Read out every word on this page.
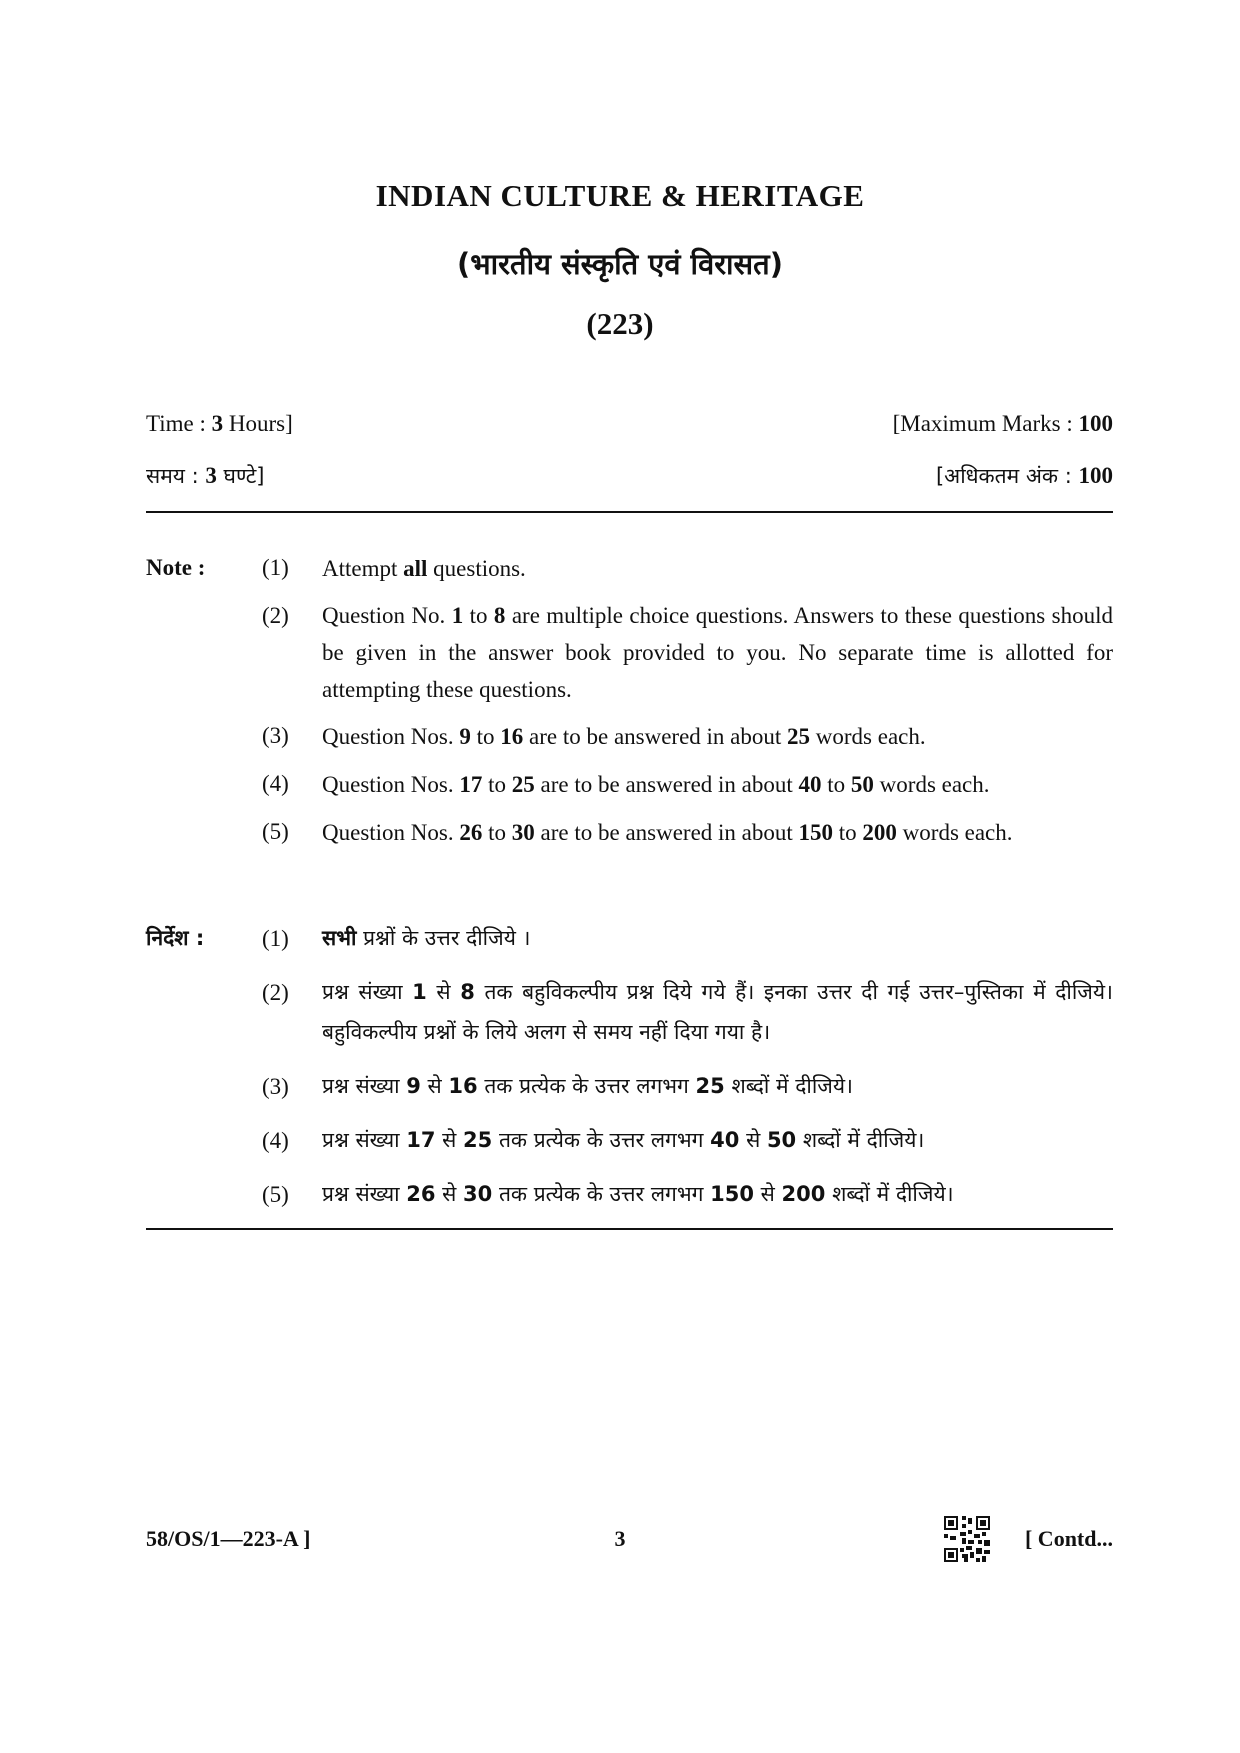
INDIAN CULTURE & HERITAGE
(भारतीय संस्कृति एवं विरासत)
(223)
Time : 3 Hours]	[Maximum Marks : 100
समय : 3 घण्टे]	[अधिकतम अंक : 100
Note : (1) Attempt all questions.
(2) Question No. 1 to 8 are multiple choice questions. Answers to these questions should be given in the answer book provided to you. No separate time is allotted for attempting these questions.
(3) Question Nos. 9 to 16 are to be answered in about 25 words each.
(4) Question Nos. 17 to 25 are to be answered in about 40 to 50 words each.
(5) Question Nos. 26 to 30 are to be answered in about 150 to 200 words each.
निर्देश :	(1) सभी प्रश्नों के उत्तर दीजिये ।
(2) प्रश्न संख्या 1 से 8 तक बहुविकल्पीय प्रश्न दिये गये हैं। इनका उत्तर दी गई उत्तर–पुस्तिका में दीजिये। बहुविकल्पीय प्रश्नों के लिये अलग से समय नहीं दिया गया है।
(3) प्रश्न संख्या 9 से 16 तक प्रत्येक के उत्तर लगभग 25 शब्दों में दीजिये।
(4) प्रश्न संख्या 17 से 25 तक प्रत्येक के उत्तर लगभग 40 से 50 शब्दों में दीजिये।
(5) प्रश्न संख्या 26 से 30 तक प्रत्येक के उत्तर लगभग 150 से 200 शब्दों में दीजिये।
58/OS/1—223-A ]	3	[ Contd...
